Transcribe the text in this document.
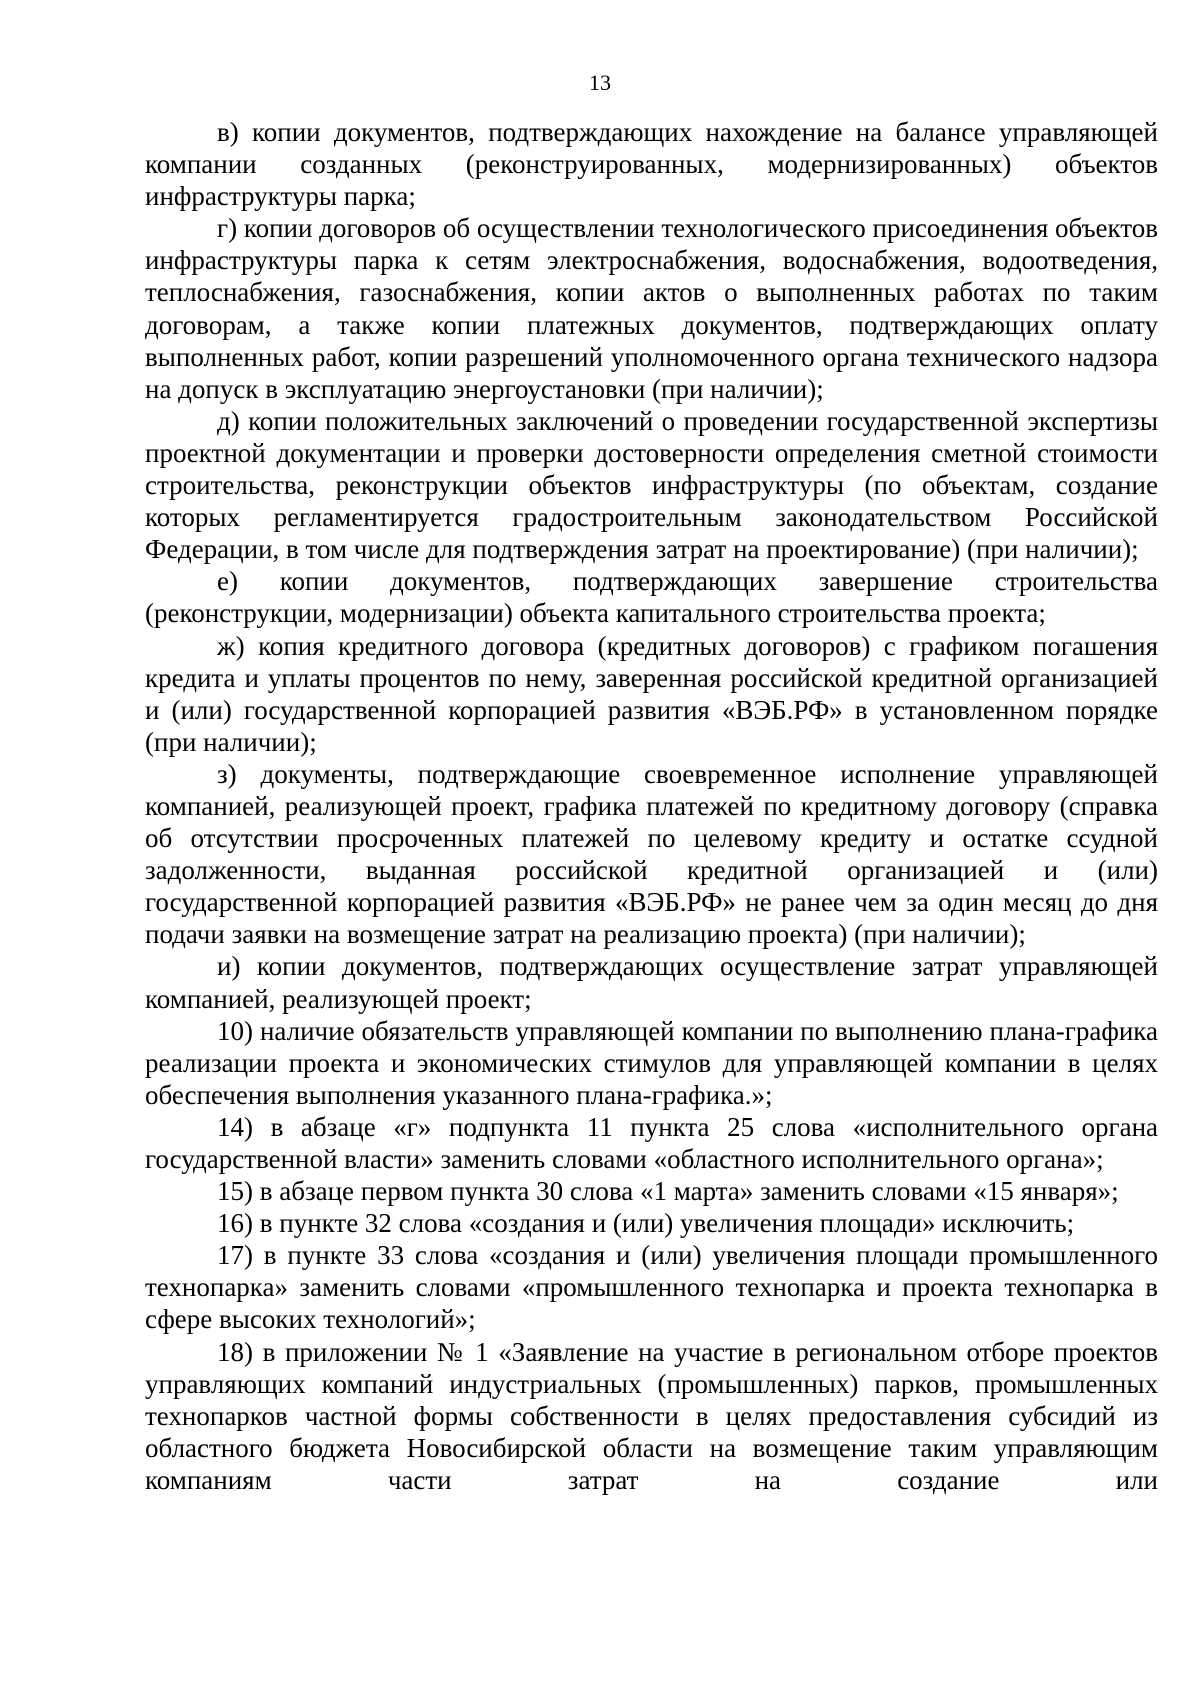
13

в) копии документов, подтверждающих нахождение на балансе управляющей компании созданных (реконструированных, модернизированных) объектов инфраструктуры парка;

г) копии договоров об осуществлении технологического присоединения объектов инфраструктуры парка к сетям электроснабжения, водоснабжения, водоотведения, теплоснабжения, газоснабжения, копии актов о выполненных работах по таким договорам, а также копии платежных документов, подтверждающих оплату выполненных работ, копии разрешений уполномоченного органа технического надзора на допуск в эксплуатацию энергоустановки (при наличии);

д) копии положительных заключений о проведении государственной экспертизы проектной документации и проверки достоверности определения сметной стоимости строительства, реконструкции объектов инфраструктуры (по объектам, создание которых регламентируется градостроительным законодательством Российской Федерации, в том числе для подтверждения затрат на проектирование) (при наличии);

е) копии документов, подтверждающих завершение строительства (реконструкции, модернизации) объекта капитального строительства проекта;

ж) копия кредитного договора (кредитных договоров) с графиком погашения кредита и уплаты процентов по нему, заверенная российской кредитной организацией и (или) государственной корпорацией развития «ВЭБ.РФ» в установленном порядке (при наличии);

з) документы, подтверждающие своевременное исполнение управляющей компанией, реализующей проект, графика платежей по кредитному договору (справка об отсутствии просроченных платежей по целевому кредиту и остатке ссудной задолженности, выданная российской кредитной организацией и (или) государственной корпорацией развития «ВЭБ.РФ» не ранее чем за один месяц до дня подачи заявки на возмещение затрат на реализацию проекта) (при наличии);

и) копии документов, подтверждающих осуществление затрат управляющей компанией, реализующей проект;

10) наличие обязательств управляющей компании по выполнению плана-графика реализации проекта и экономических стимулов для управляющей компании в целях обеспечения выполнения указанного плана-графика.»;

14) в абзаце «г» подпункта 11 пункта 25 слова «исполнительного органа государственной власти» заменить словами «областного исполнительного органа»;

15) в абзаце первом пункта 30 слова «1 марта» заменить словами «15 января»;

16) в пункте 32 слова «создания и (или) увеличения площади» исключить;

17) в пункте 33 слова «создания и (или) увеличения площади промышленного технопарка» заменить словами «промышленного технопарка и проекта технопарка в сфере высоких технологий»;

18) в приложении № 1 «Заявление на участие в региональном отборе проектов управляющих компаний индустриальных (промышленных) парков, промышленных технопарков частной формы собственности в целях предоставления субсидий из областного бюджета Новосибирской области на возмещение таким управляющим компаниям части затрат на создание или
